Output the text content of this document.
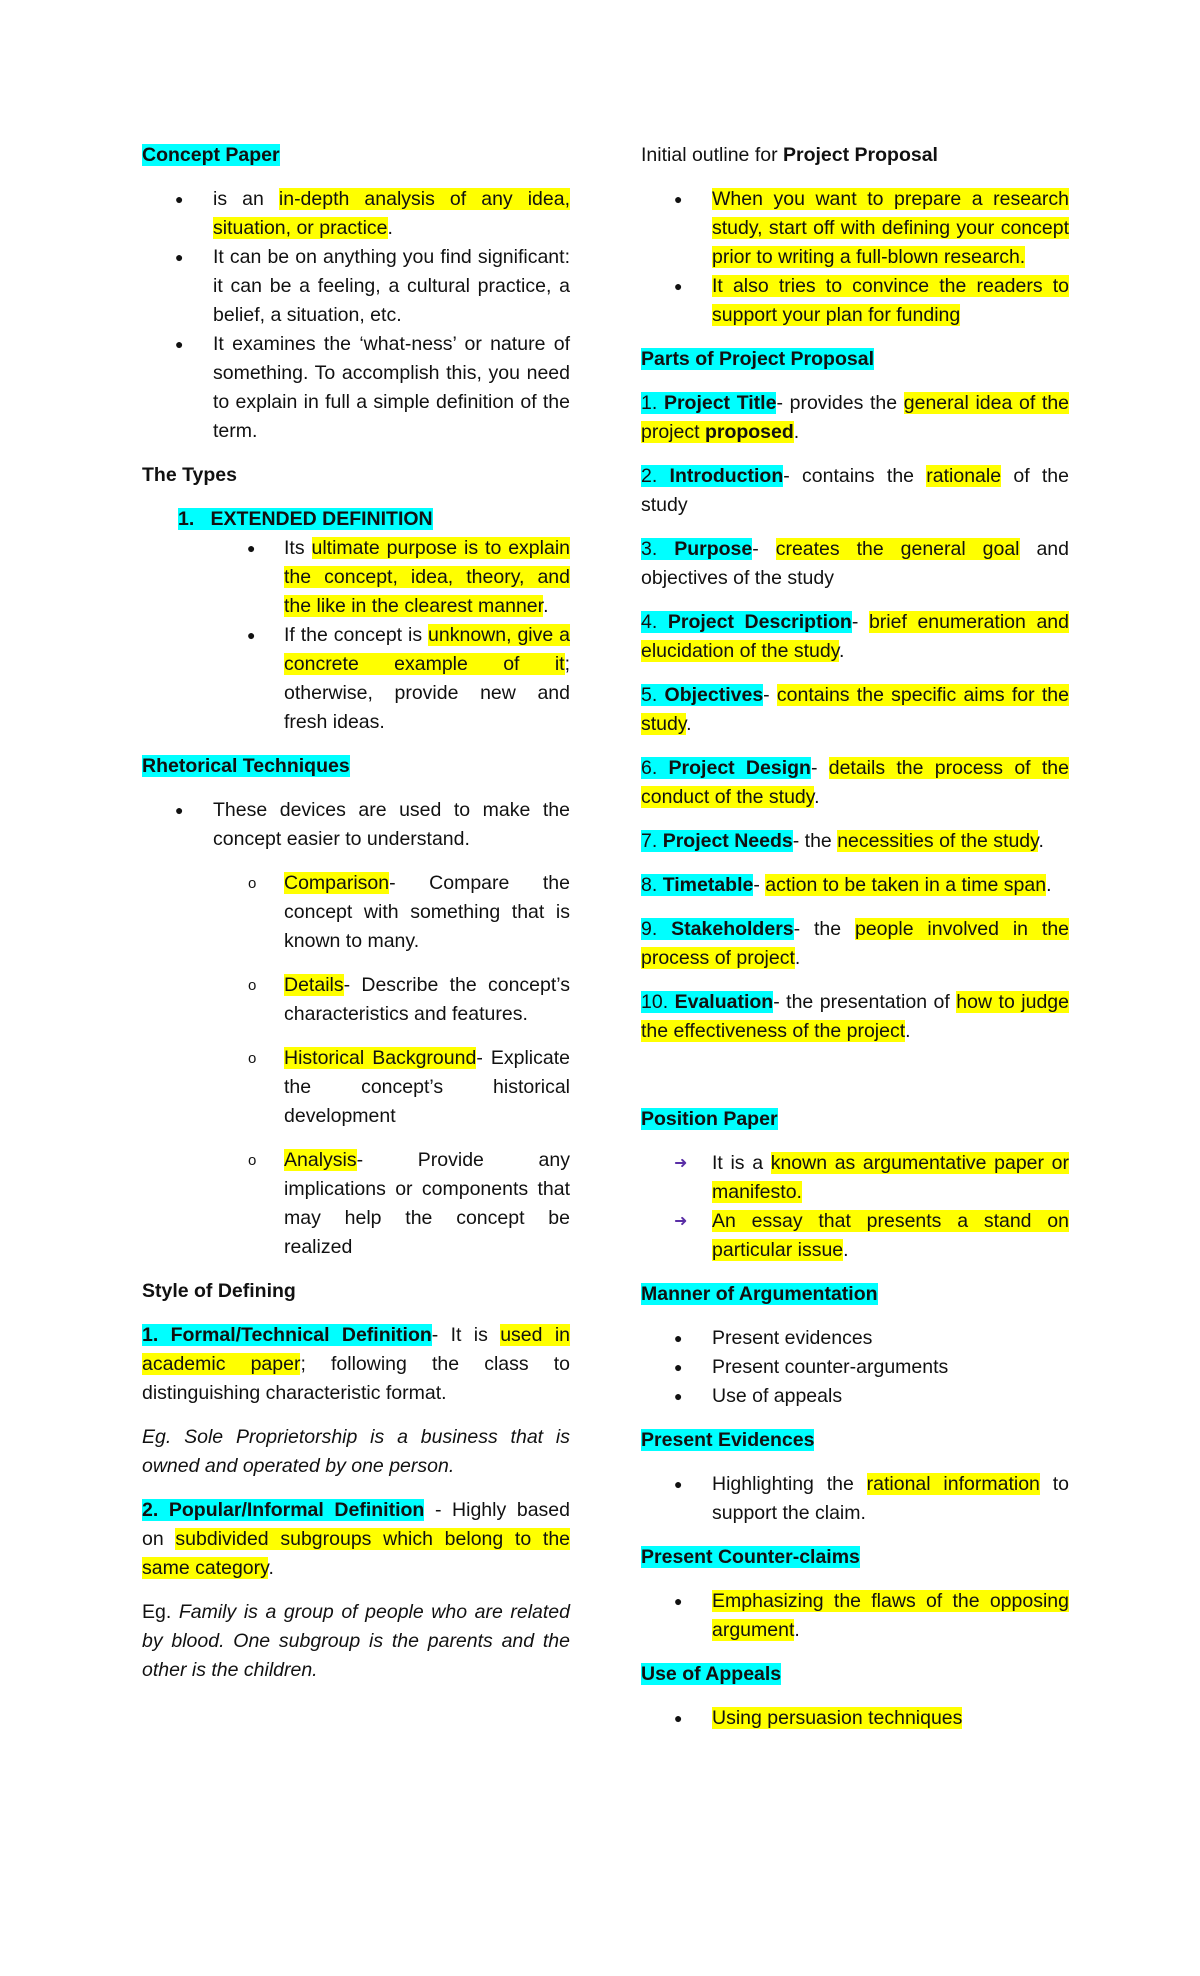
Concept Paper

● is an in-depth analysis of any idea, situation, or practice.
● It can be on anything you find significant: it can be a feeling, a cultural practice, a belief, a situation, etc.
● It examines the ‘what-ness’ or nature of something. To accomplish this, you need to explain in full a simple definition of the term.

The Types

1. EXTENDED DEFINITION

● Its ultimate purpose is to explain the concept, idea, theory, and the like in the clearest manner.
● If the concept is unknown, give a concrete example of it; otherwise, provide new and fresh ideas.

Rhetorical Techniques

● These devices are used to make the concept easier to understand.
o Comparison- Compare the concept with something that is known to many.
o Details- Describe the concept’s characteristics and features.
o Historical Background- Explicate the concept’s historical development
o Analysis- Provide any implications or components that may help the concept be realized

Style of Defining

1. Formal/Technical Definition- It is used in academic paper; following the class to distinguishing characteristic format.

Eg. Sole Proprietorship is a business that is owned and operated by one person.

2. Popular/Informal Definition - Highly based on subdivided subgroups which belong to the same category.

Eg. Family is a group of people who are related by blood. One subgroup is the parents and the other is the children.

Initial outline for Project Proposal

● When you want to prepare a research study, start off with defining your concept prior to writing a full-blown research.
● It also tries to convince the readers to support your plan for funding

Parts of Project Proposal

1. Project Title- provides the general idea of the project proposed.

2. Introduction- contains the rationale of the study

3. Purpose- creates the general goal and objectives of the study

4. Project Description- brief enumeration and elucidation of the study.

5. Objectives- contains the specific aims for the study.

6. Project Design- details the process of the conduct of the study.

7. Project Needs- the necessities of the study.

8. Timetable- action to be taken in a time span.

9. Stakeholders- the people involved in the process of project.

10. Evaluation- the presentation of how to judge the effectiveness of the project.

Position Paper

➜ It is a known as argumentative paper or manifesto.
➜ An essay that presents a stand on particular issue.

Manner of Argumentation

● Present evidences
● Present counter-arguments
● Use of appeals

Present Evidences

● Highlighting the rational information to support the claim.

Present Counter-claims

● Emphasizing the flaws of the opposing argument.

Use of Appeals

● Using persuasion techniques
